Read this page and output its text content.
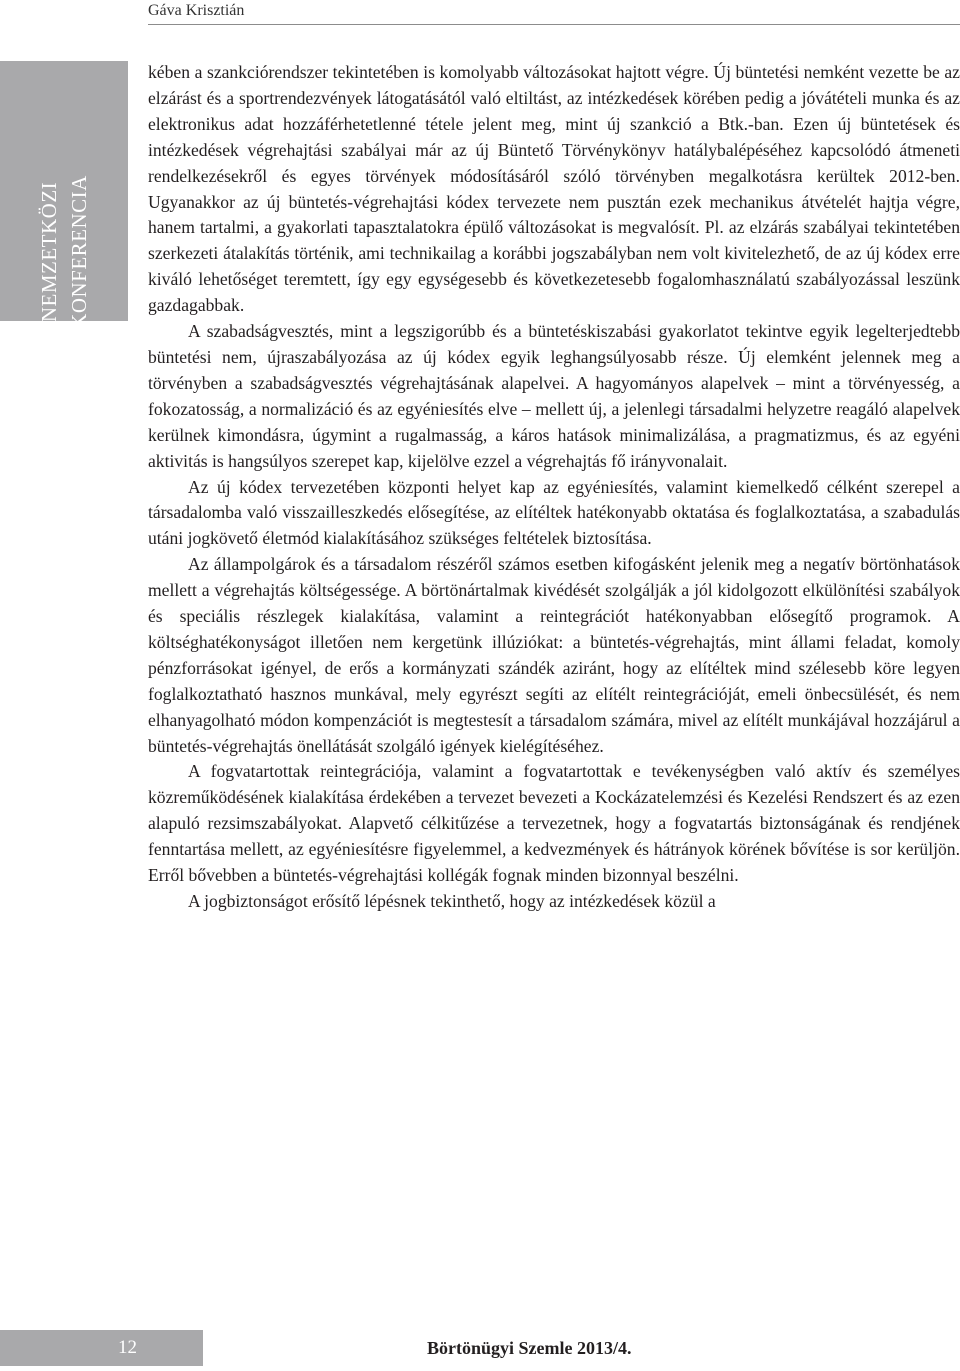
Gáva Krisztián
NEMZETKÖZI KONFERENCIA

kében a szankciórendszer tekintetében is komolyabb változásokat hajtott végre. Új büntetési nemként vezette be az elzárást és a sportrendezvények látogatásától való eltiltást, az intézkedések körében pedig a jóvátételi munka és az elektronikus adat hozzáférhetetlenné tétele jelent meg, mint új szankció a Btk.-ban. Ezen új büntetések és intézkedések végrehajtási szabályai már az új Büntető Törvénykönyv hatálybalépéséhez kapcsolódó átmeneti rendelkezésekről és egyes törvények módosításáról szóló törvényben megalkotásra kerültek 2012-ben. Ugyanakkor az új büntetés-végrehajtási kódex tervezete nem pusztán ezek mechanikus átvételét hajtja végre, hanem tartalmi, a gyakorlati tapasztalatokra épülő változásokat is megvalósít. Pl. az elzárás szabályai tekintetében szerkezeti átalakítás történik, ami technikailag a korábbi jogszabályban nem volt kivitelezhető, de az új kódex erre kiváló lehetőséget teremtett, így egy egységesebb és következetesebb fogalomhasználatú szabályozással leszünk gazdagabbak.

A szabadságvesztés, mint a legszigorúbb és a büntetéskiszabási gyakorlatot tekintve egyik legelterjedtebb büntetési nem, újraszabályozása az új kódex egyik leghangsúlyosabb része. Új elemként jelennek meg a törvényben a szabadságvesztés végrehajtásának alapelvei. A hagyományos alapelvek – mint a törvényesség, a fokozatosság, a normalizáció és az egyéniesítés elve – mellett új, a jelenlegi társadalmi helyzetre reagáló alapelvek kerülnek kimondásra, úgymint a rugalmasság, a káros hatások minimalizálása, a pragmatizmus, és az egyéni aktivitás is hangsúlyos szerepet kap, kijelölve ezzel a végrehajtás fő irányvonalait.

Az új kódex tervezetében központi helyet kap az egyéniesítés, valamint kiemelkedő célként szerepel a társadalomba való visszailleszkedés elősegítése, az elítéltek hatékonyabb oktatása és foglalkoztatása, a szabadulás utáni jogkövető életmód kialakításához szükséges feltételek biztosítása.

Az állampolgárok és a társadalom részéről számos esetben kifogásként jelenik meg a negatív börtönhatások mellett a végrehajtás költségessége. A börtönártalmak kivédését szolgálják a jól kidolgozott elkülönítési szabályok és speciális részlegek kialakítása, valamint a reintegrációt hatékonyabban elősegítő programok. A költséghatékonyságot illetően nem kergetünk illúziókat: a büntetés-végrehajtás, mint állami feladat, komoly pénzforrásokat igényel, de erős a kormányzati szándék aziránt, hogy az elítéltek mind szélesebb köre legyen foglalkoztatható hasznos munkával, mely egyrészt segíti az elítélt reintegrációját, emeli önbecsülését, és nem elhanyagolható módon kompenzációt is megtestesít a társadalom számára, mivel az elítélt munkájával hozzájárul a büntetés-végrehajtás önellátását szolgáló igények kielégítéséhez.

A fogvatartottak reintegrációja, valamint a fogvatartottak e tevékenységben való aktív és személyes közreműködésének kialakítása érdekében a tervezet bevezeti a Kockázatelemzési és Kezelési Rendszert és az ezen alapuló rezsimszabályokat. Alapvető célkitűzése a tervezetnek, hogy a fogvatartás biztonságának és rendjének fenntartása mellett, az egyéniesítésre figyelemmel, a kedvezmények és hátrányok körének bővítése is sor kerüljön. Erről bővebben a büntetés-végrehajtási kollégák fognak minden bizonnyal beszélni.

A jogbiztonságot erősítő lépésnek tekinthető, hogy az intézkedések közül a

12	Börtönügyi Szemle 2013/4.
